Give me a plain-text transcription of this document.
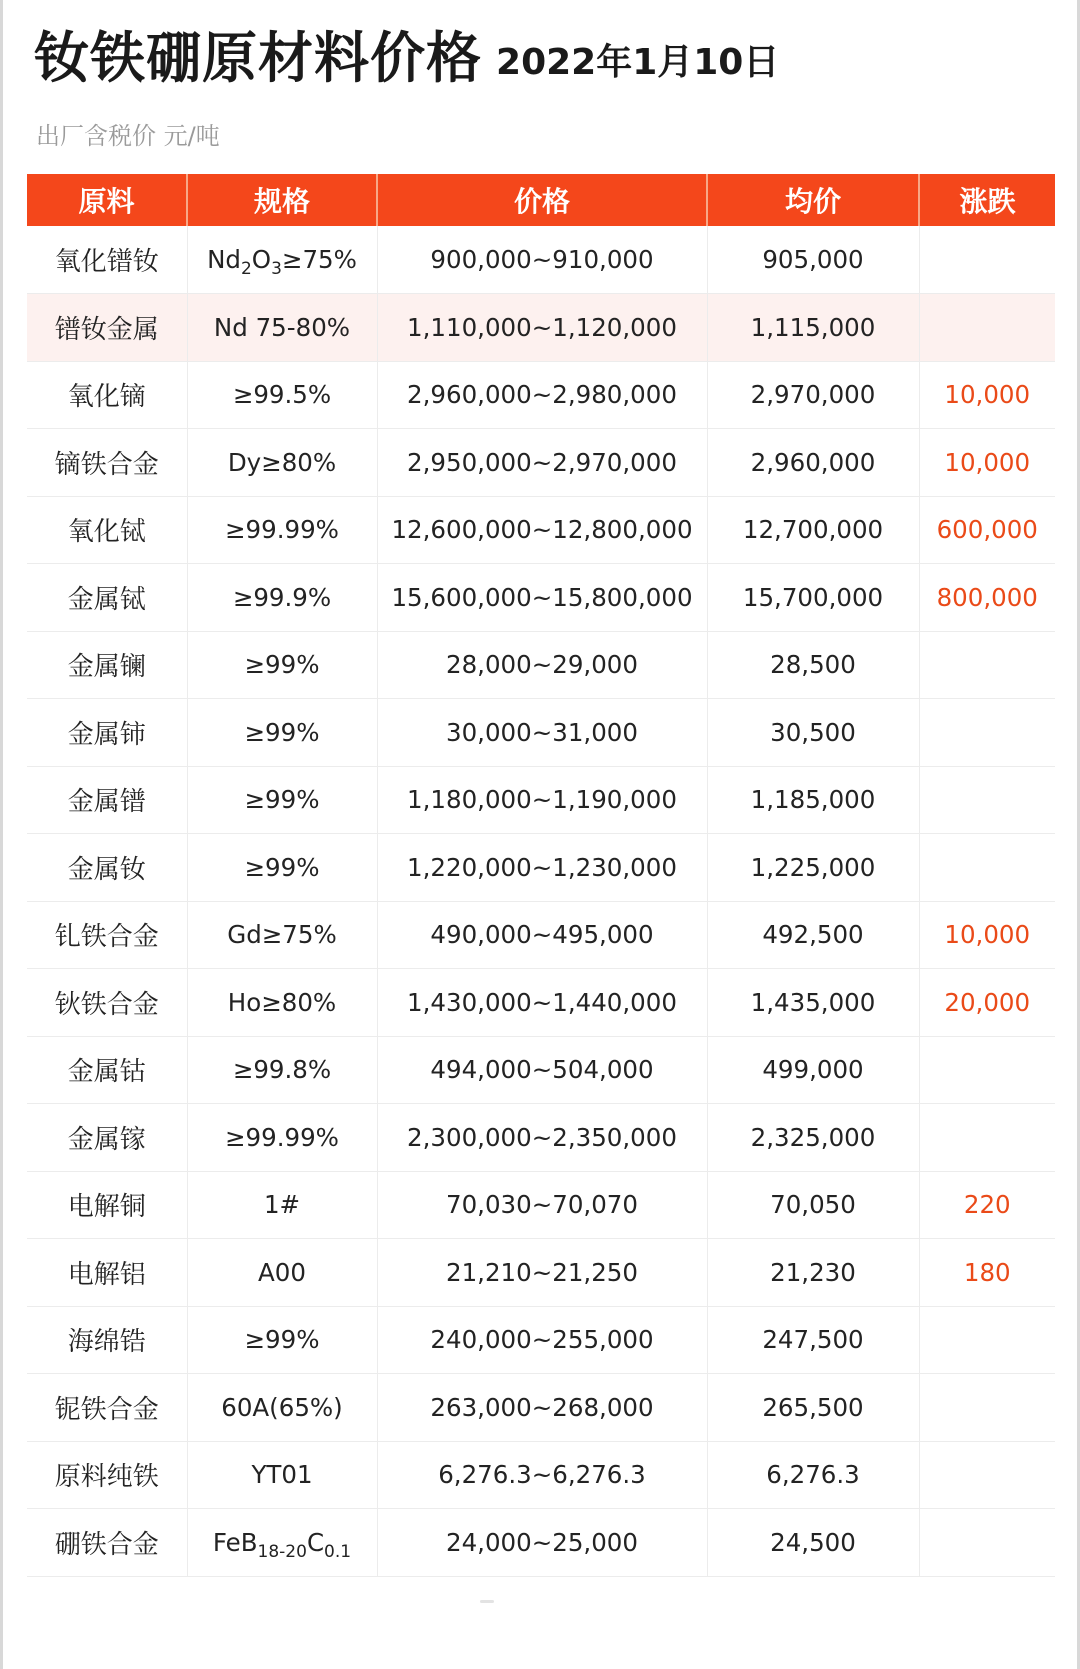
钕铁硼原材料价格 2022年1月10日
出厂含税价 元/吨
原料	规格	价格	均价	涨跌
氧化镨钕	$Nd_2O_3\ge 75\%$	900,000~910,000	905,000	
镨钕金属	Nd 75-80%	1,110,000~1,120,000	1,115,000	
氧化镝	≥99.5%	2,960,000~2,980,000	2,970,000	10,000
镝铁合金	Dy≥80%	2,950,000~2,970,000	2,960,000	10,000
氧化铽	≥99.99%	12,600,000~12,800,000	12,700,000	600,000
金属铽	≥99.9%	15,600,000~15,800,000	15,700,000	800,000
金属镧	≥99%	28,000~29,000	28,500	
金属铈	≥99%	30,000~31,000	30,500	
金属镨	≥99%	1,180,000~1,190,000	1,185,000	
金属钕	≥99%	1,220,000~1,230,000	1,225,000	
钆铁合金	Gd≥75%	490,000~495,000	492,500	10,000
钬铁合金	Ho≥80%	1,430,000~1,440,000	1,435,000	20,000
金属钴	≥99.8%	494,000~504,000	499,000	
金属镓	≥99.99%	2,300,000~2,350,000	2,325,000	
电解铜	1#	70,030~70,070	70,050	220
电解铝	A00	21,210~21,250	21,230	180
海绵锆	≥99%	240,000~255,000	247,500	
铌铁合金	60A(65%)	263,000~268,000	265,500	
原料纯铁	YT01	6,276.3~6,276.3	6,276.3	
硼铁合金	$FeB_{18-20}C_{0.1}$	24,000~25,000	24,500	
